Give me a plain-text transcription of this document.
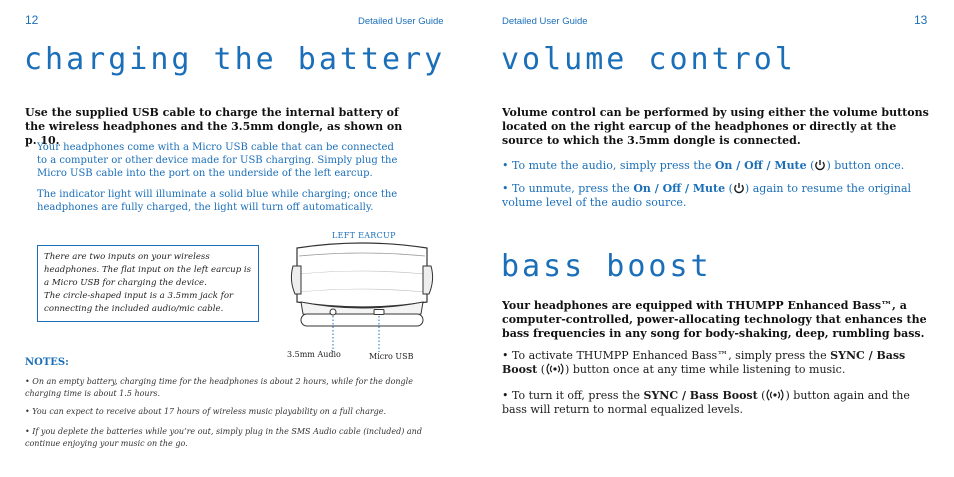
12	Detailed User Guide
charging the battery

Use the supplied USB cable to charge the internal battery of the wireless headphones and the 3.5mm dongle, as shown on p. 10.

Your headphones come with a Micro USB cable that can be connected to a computer or other device made for USB charging. Simply plug the Micro USB cable into the port on the underside of the left earcup.

The indicator light will illuminate a solid blue while charging; once the headphones are fully charged, the light will turn off automatically.

There are two inputs on your wireless headphones. The flat input on the left earcup is a Micro USB for charging the device.
The circle-shaped input is a 3.5mm jack for connecting the included audio/mic cable.
LEFT EARCUP
3.5mm Audio	Micro USB
NOTES:

• On an empty battery, charging time for the headphones is about 2 hours, while for the dongle charging time is about 1.5 hours.

• You can expect to receive about 17 hours of wireless music playability on a full charge.

• If you deplete the batteries while you’re out, simply plug in the SMS Audio cable (included) and continue enjoying your music on the go.

Detailed User Guide	13
volume control

Volume control can be performed by using either the volume buttons located on the right earcup of the headphones or directly at the source to which the 3.5mm dongle is connected.

• To mute the audio, simply press the On / Off / Mute ( ) button once.

• To unmute, press the On / Off / Mute ( ) again to resume the original volume level of the audio source.

bass boost

Your headphones are equipped with THUMPP Enhanced Bass™, a computer-controlled, power-allocating technology that enhances the bass frequencies in any song for body-shaking, deep, rumbling bass.

• To activate THUMPP Enhanced Bass™, simply press the SYNC / Bass Boost ( ) button once at any time while listening to music.

• To turn it off, press the SYNC / Bass Boost ( ) button again and the bass will return to normal equalized levels.
